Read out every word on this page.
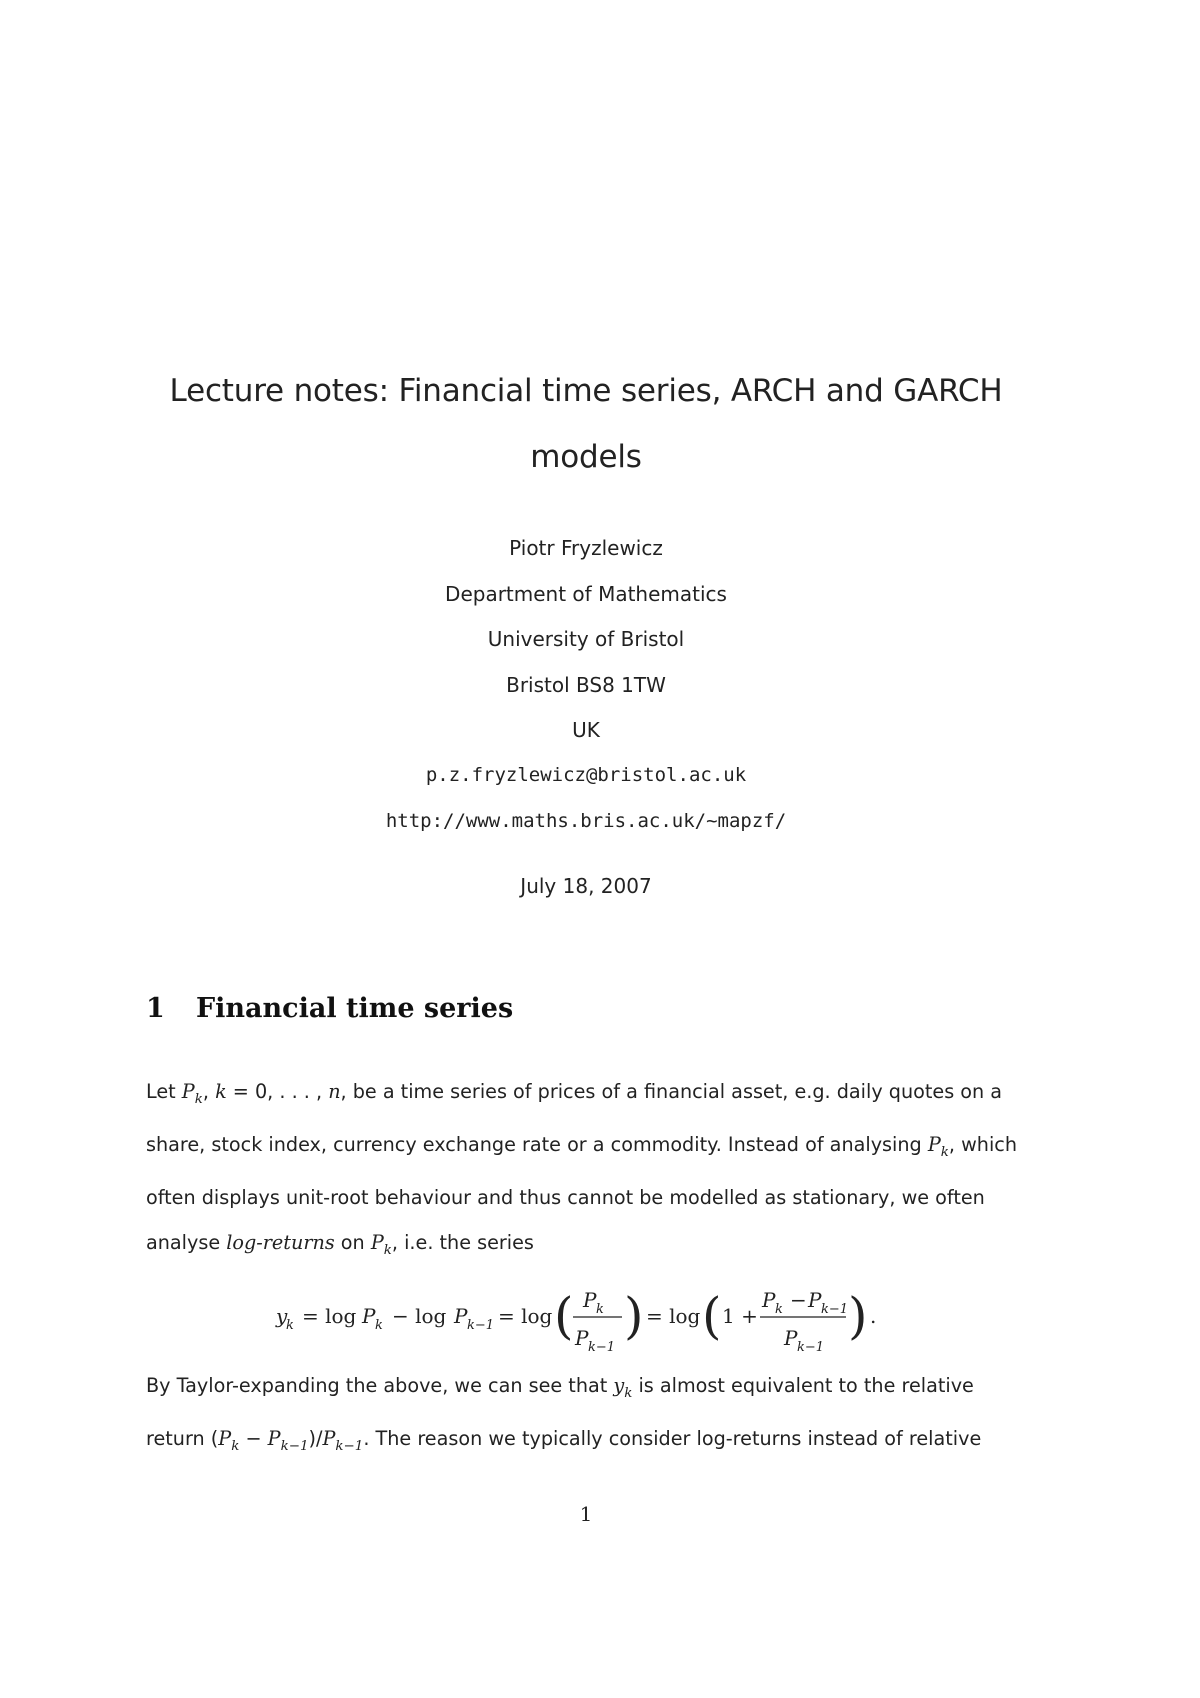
Lecture notes: Financial time series, ARCH and GARCH
models
Piotr Fryzlewicz
Department of Mathematics
University of Bristol
Bristol BS8 1TW
UK
p.z.fryzlewicz@bristol.ac.uk
http://www.maths.bris.ac.uk/~mapzf/
July 18, 2007
1 Financial time series
Let $P_k$, k = 0, . . . , n, be a time series of prices of a financial asset, e.g. daily quotes on a
share, stock index, currency exchange rate or a commodity. Instead of analysing $P_k$, which
often displays unit-root behaviour and thus cannot be modelled as stationary, we often
analyse log-returns on $P_k$, i.e. the series
y
k = log P k − log P k−1 = log ( P k
P k−1
) = log ( 1 +
P k − P k−1
P k−1
) .
By Taylor-expanding the above, we can see that $y_k$ is almost equivalent to the relative
return $(P_k - P_{k-1})/P_{k-1}$. The reason we typically consider log-returns instead of relative
1
